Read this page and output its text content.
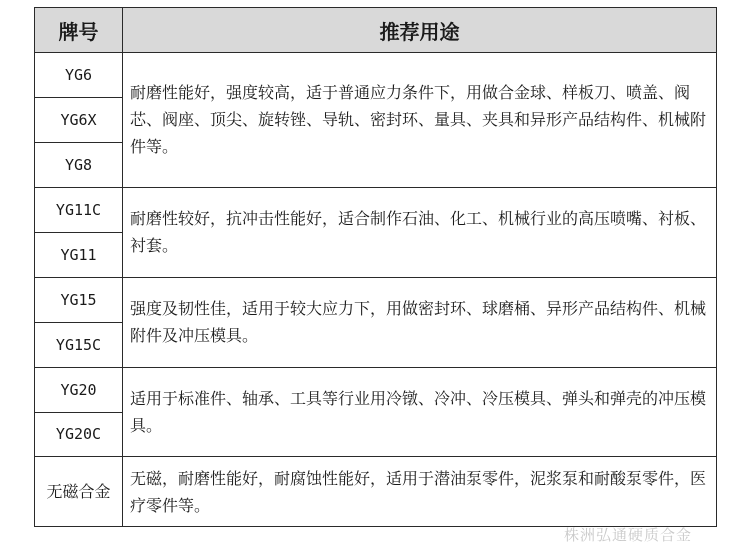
牌号	推荐用途
YG6	耐磨性能好，强度较高，适于普通应力条件下，用做合金球、样板刀、喷盖、阀芯、阀座、顶尖、旋转锉、导轨、密封环、量具、夹具和异形产品结构件、机械附件等。
YG6X	
YG8	
YG11C	耐磨性较好，抗冲击性能好，适合制作石油、化工、机械行业的高压喷嘴、衬板、衬套。
YG11	
YG15	强度及韧性佳，适用于较大应力下，用做密封环、球磨桶、异形产品结构件、机械附件及冲压模具。
YG15C	
YG20	适用于标准件、轴承、工具等行业用冷镦、冷冲、冷压模具、弹头和弹壳的冲压模具。
YG20C	
无磁合金	无磁，耐磨性能好，耐腐蚀性能好，适用于潜油泵零件，泥浆泵和耐酸泵零件，医疗零件等。
株洲弘通硬质合金
